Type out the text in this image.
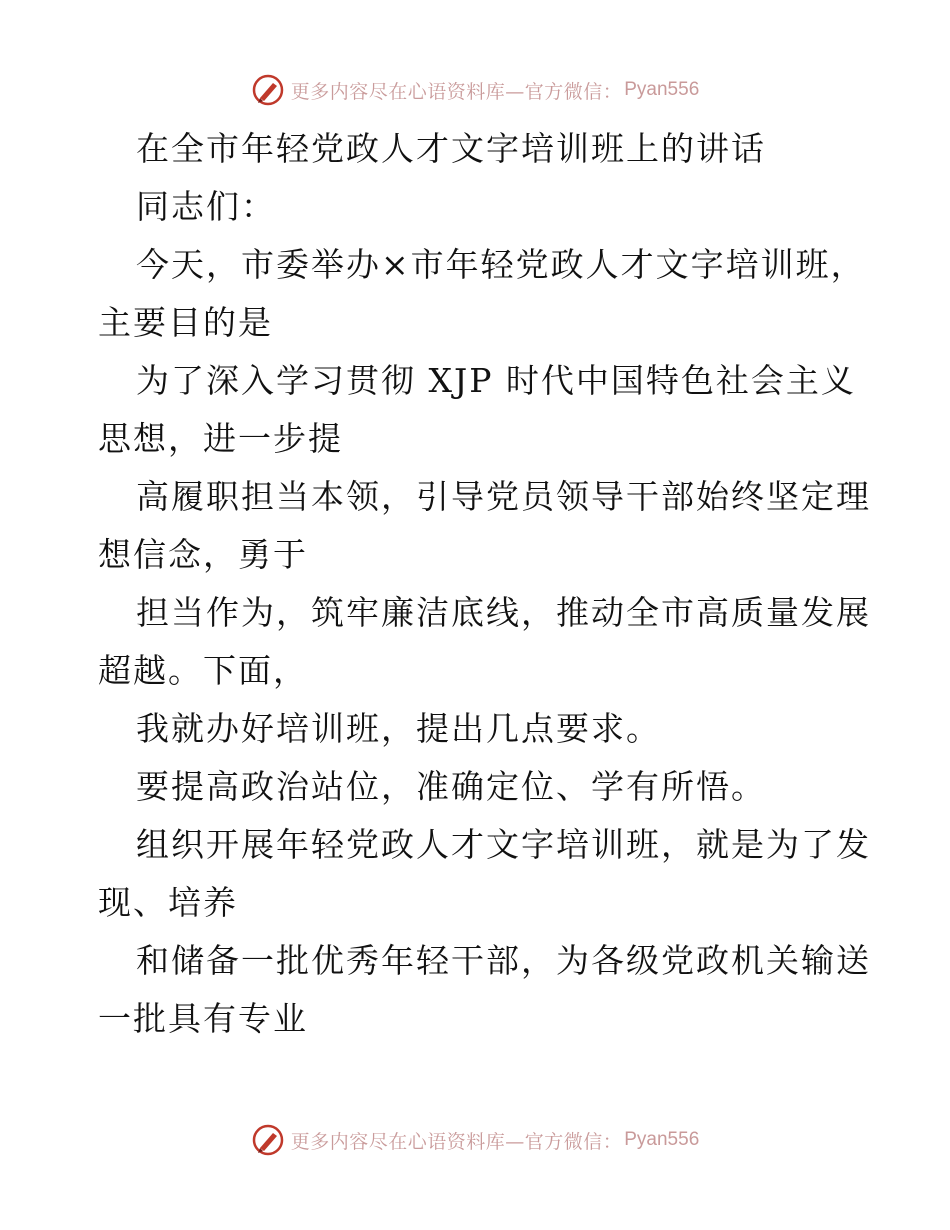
更多内容尽在心语资料库—官方微信： Pyan556
在全市年轻党政人才文字培训班上的讲话
同志们：
今天，市委举办×市年轻党政人才文字培训班，
主要目的是
为了深入学习贯彻 XJP 时代中国特色社会主义
思想，进一步提
高履职担当本领，引导党员领导干部始终坚定理
想信念，勇于
担当作为，筑牢廉洁底线，推动全市高质量发展
超越。下面，
我就办好培训班，提出几点要求。
要提高政治站位，准确定位、学有所悟。
组织开展年轻党政人才文字培训班，就是为了发
现、培养
和储备一批优秀年轻干部，为各级党政机关输送
一批具有专业
更多内容尽在心语资料库—官方微信： Pyan556
